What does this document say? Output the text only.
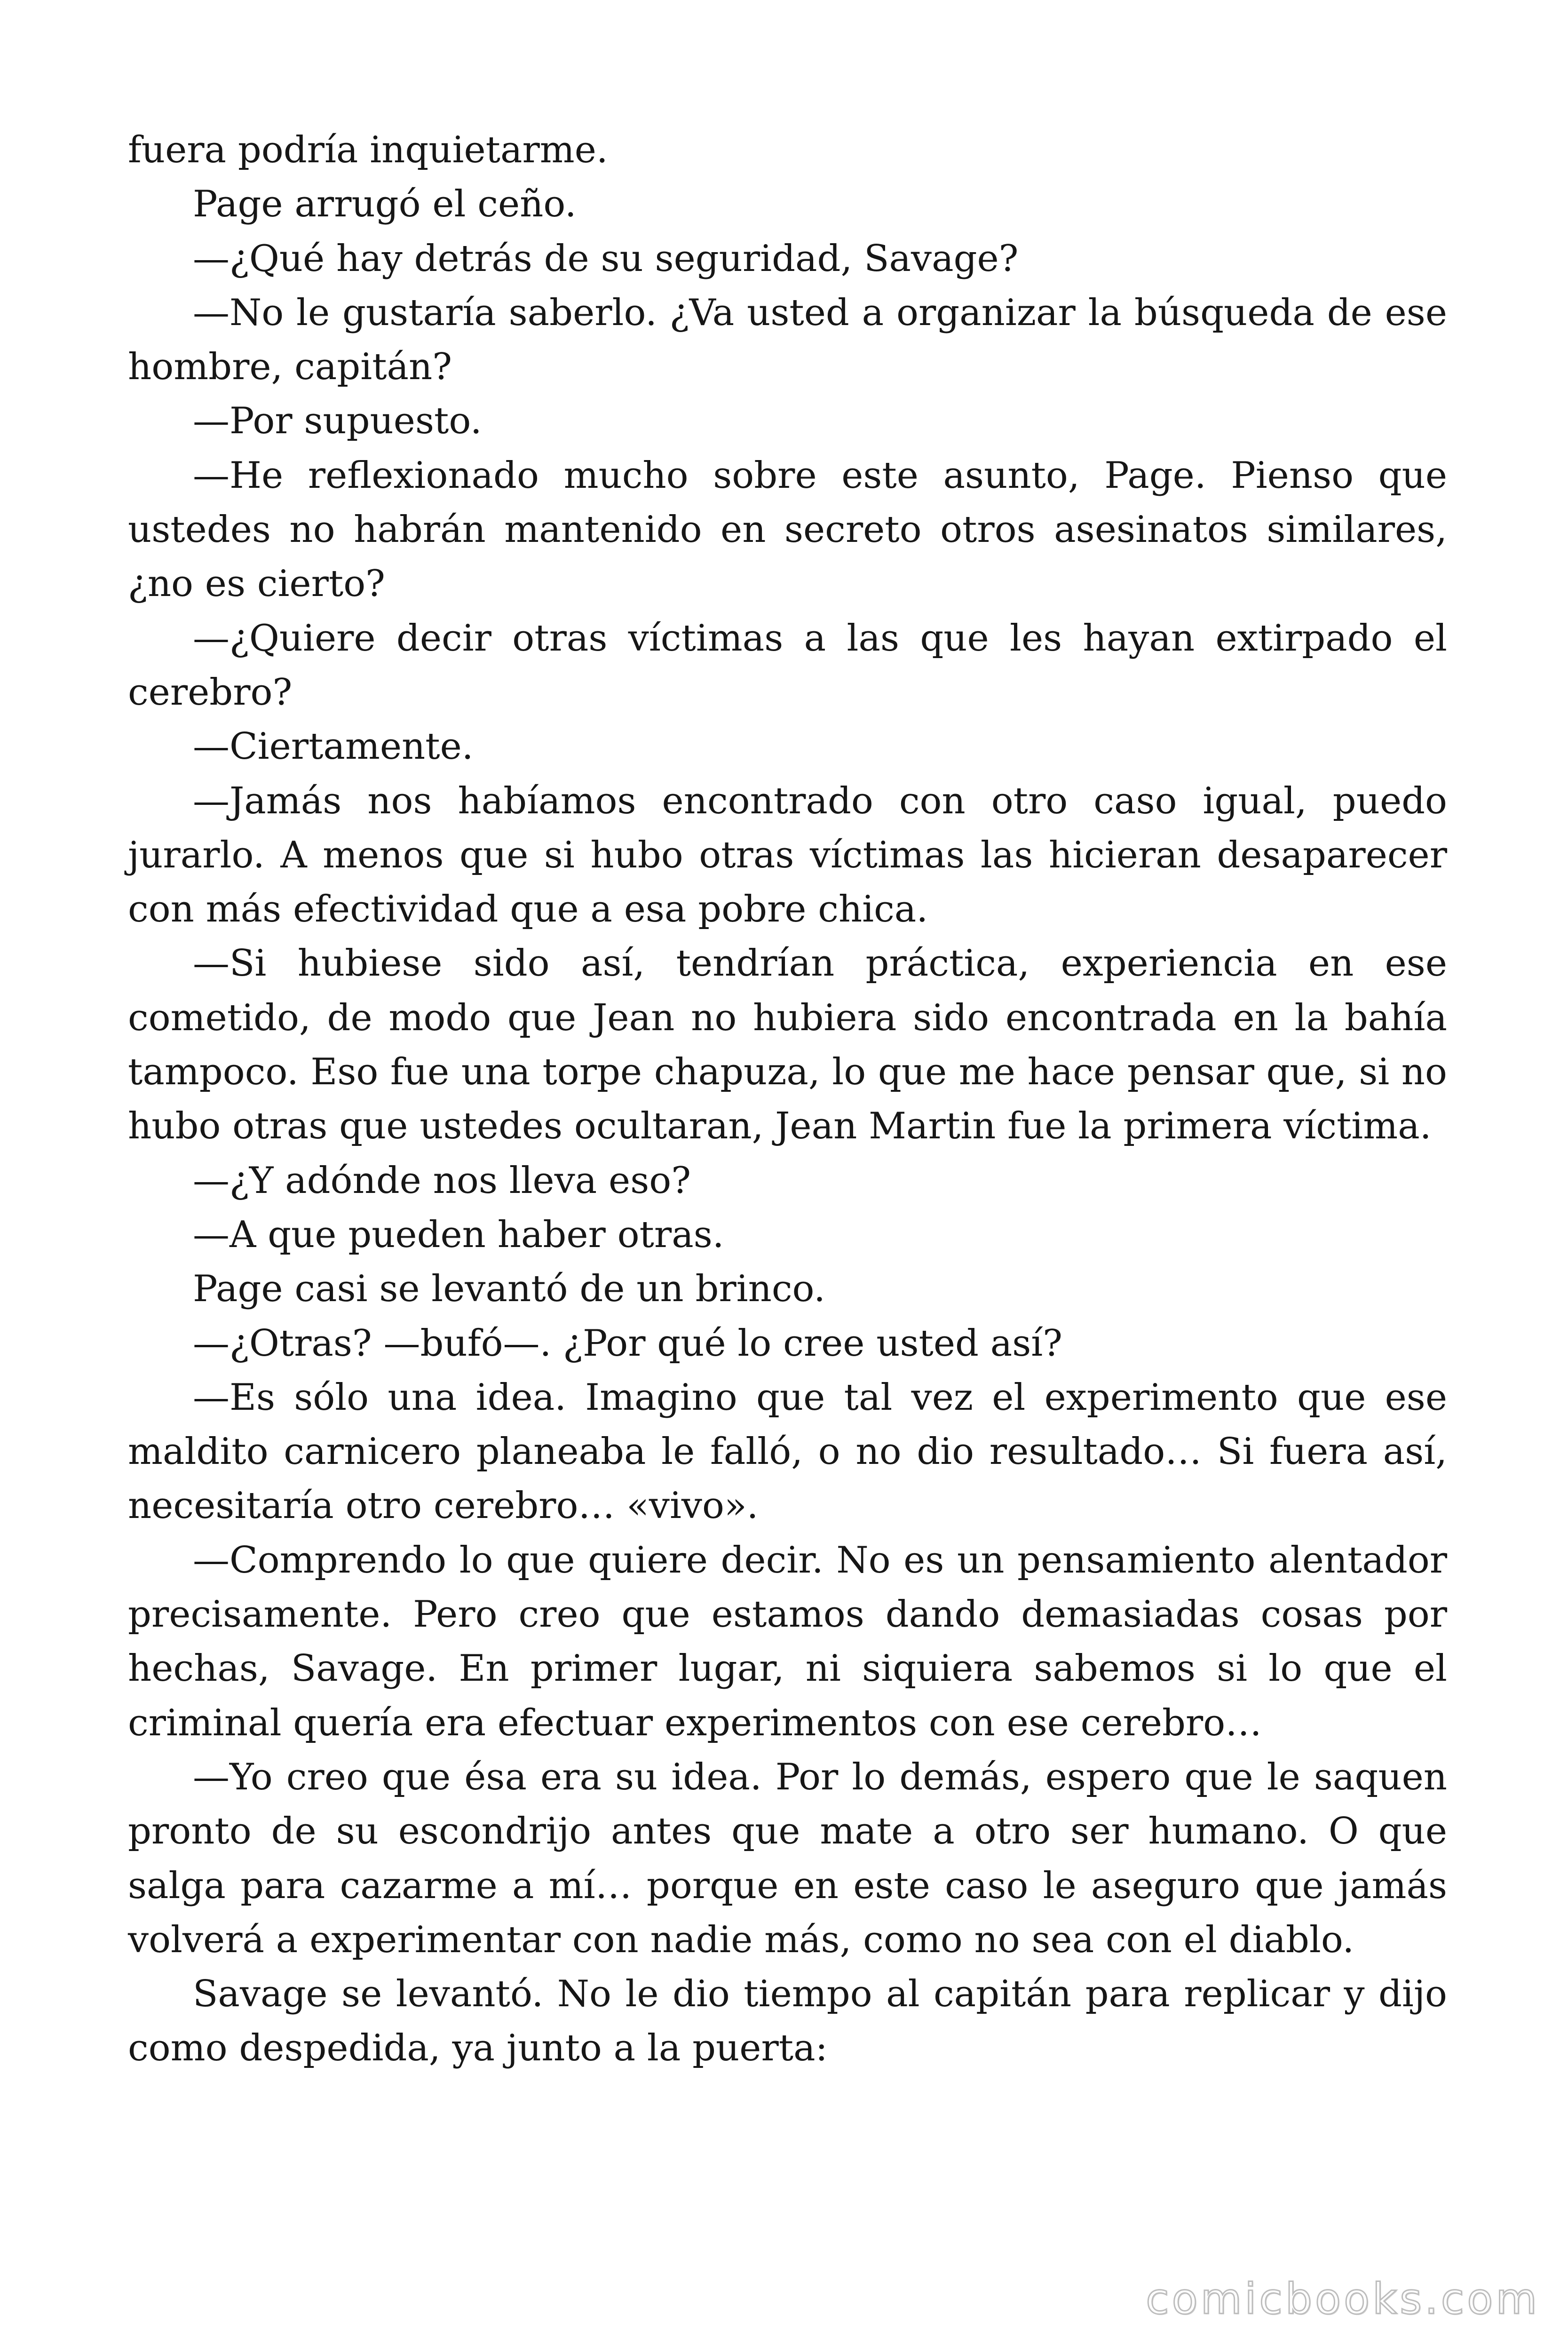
fuera podría inquietarme.

Page arrugó el ceño.

—¿Qué hay detrás de su seguridad, Savage?

—No le gustaría saberlo. ¿Va usted a organizar la búsqueda de ese hombre, capitán?

—Por supuesto.

—He reflexionado mucho sobre este asunto, Page. Pienso que ustedes no habrán mantenido en secreto otros asesinatos similares, ¿no es cierto?

—¿Quiere decir otras víctimas a las que les hayan extirpado el cerebro?

—Ciertamente.

—Jamás nos habíamos encontrado con otro caso igual, puedo jurarlo. A menos que si hubo otras víctimas las hicieran desaparecer con más efectividad que a esa pobre chica.

—Si hubiese sido así, tendrían práctica, experiencia en ese cometido, de modo que Jean no hubiera sido encontrada en la bahía tampoco. Eso fue una torpe chapuza, lo que me hace pensar que, si no hubo otras que ustedes ocultaran, Jean Martin fue la primera víctima.

—¿Y adónde nos lleva eso?

—A que pueden haber otras.

Page casi se levantó de un brinco.

—¿Otras? —bufó—. ¿Por qué lo cree usted así?

—Es sólo una idea. Imagino que tal vez el experimento que ese maldito carnicero planeaba le falló, o no dio resultado… Si fuera así, necesitaría otro cerebro… «vivo».

—Comprendo lo que quiere decir. No es un pensamiento alentador precisamente. Pero creo que estamos dando demasiadas cosas por hechas, Savage. En primer lugar, ni siquiera sabemos si lo que el criminal quería era efectuar experimentos con ese cerebro…

—Yo creo que ésa era su idea. Por lo demás, espero que le saquen pronto de su escondrijo antes que mate a otro ser humano. O que salga para cazarme a mí… porque en este caso le aseguro que jamás volverá a experimentar con nadie más, como no sea con el diablo.

Savage se levantó. No le dio tiempo al capitán para replicar y dijo como despedida, ya junto a la puerta:

comicbooks.com
